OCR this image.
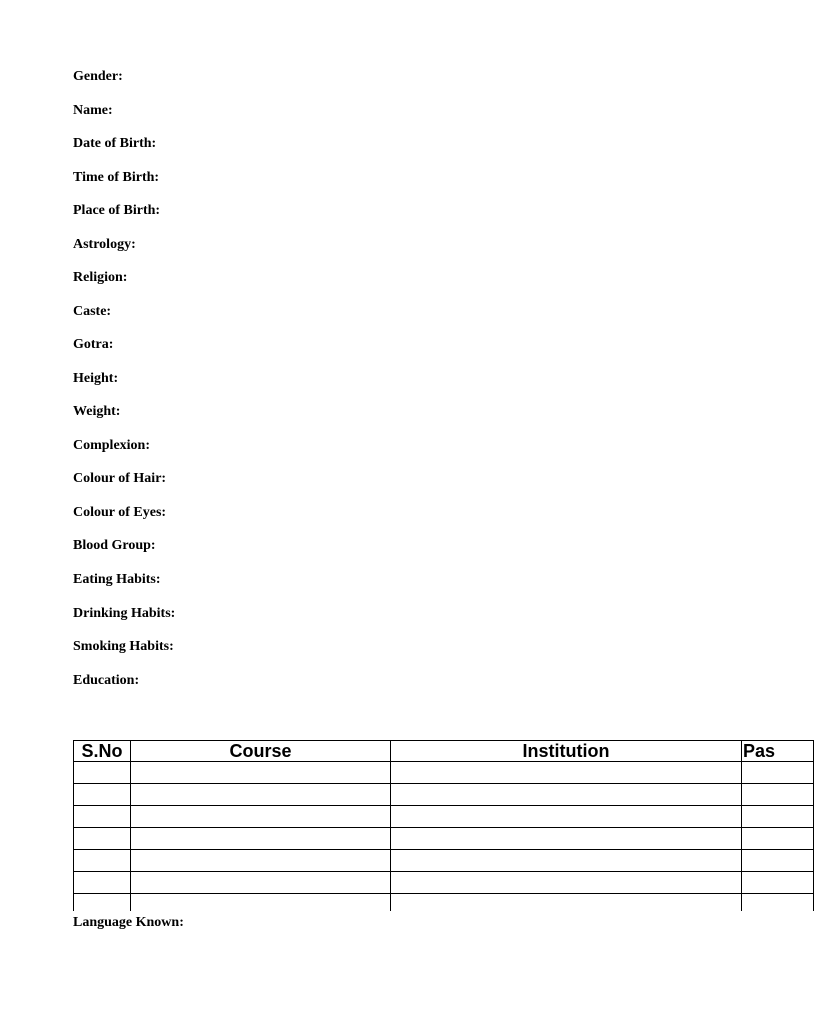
Gender:
Name:
Date of Birth:
Time of Birth:
Place of Birth:
Astrology:
Religion:
Caste:
Gotra:
Height:
Weight:
Complexion:
Colour of Hair:
Colour of Eyes:
Blood Group:
Eating Habits:
Drinking Habits:
Smoking Habits:
Education:
S.No	Course	Institution	Pas

Language Known:
